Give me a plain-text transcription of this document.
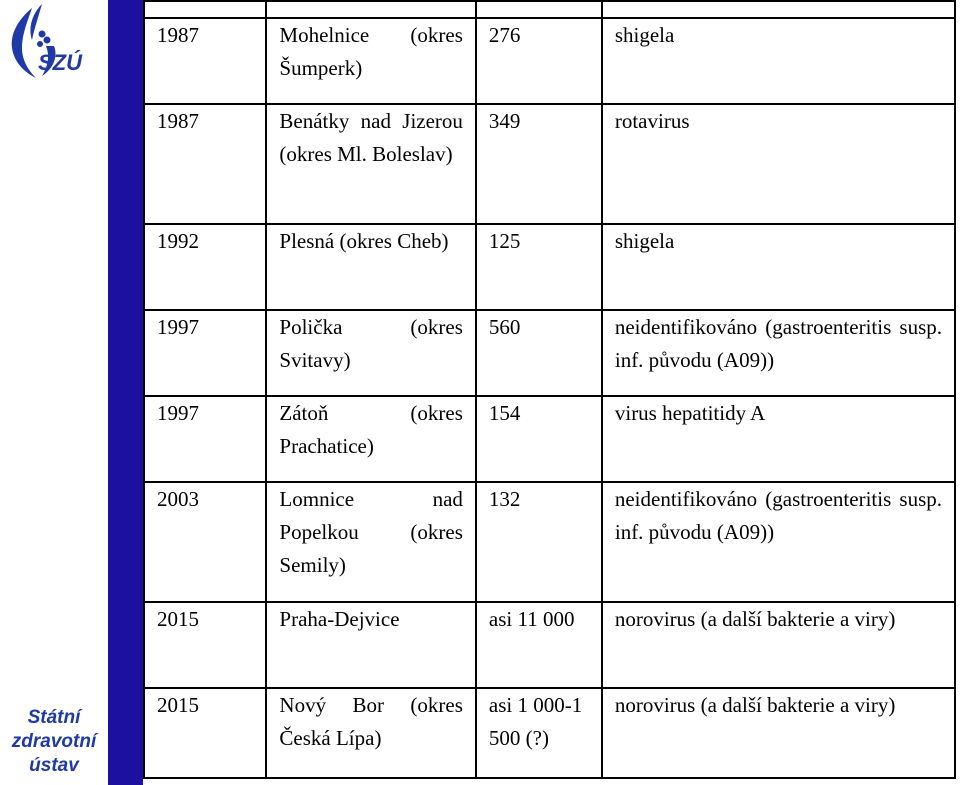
SZÚ
Státní
zdravotní
ústav

1987	Mohelnice (okres Šumperk)	276	shigela
1987	Benátky nad Jizerou (okres Ml. Boleslav)	349	rotavirus
1992	Plesná (okres Cheb)	125	shigela
1997	Polička (okres Svitavy)	560	neidentifikováno (gastroenteritis susp. inf. původu (A09))
1997	Zátoň (okres Prachatice)	154	virus hepatitidy A
2003	Lomnice nad Popelkou (okres Semily)	132	neidentifikováno (gastroenteritis susp. inf. původu (A09))
2015	Praha-Dejvice	asi 11 000	norovirus (a další bakterie a viry)
2015	Nový Bor (okres Česká Lípa)	asi 1 000-1 500 (?)	norovirus (a další bakterie a viry)
